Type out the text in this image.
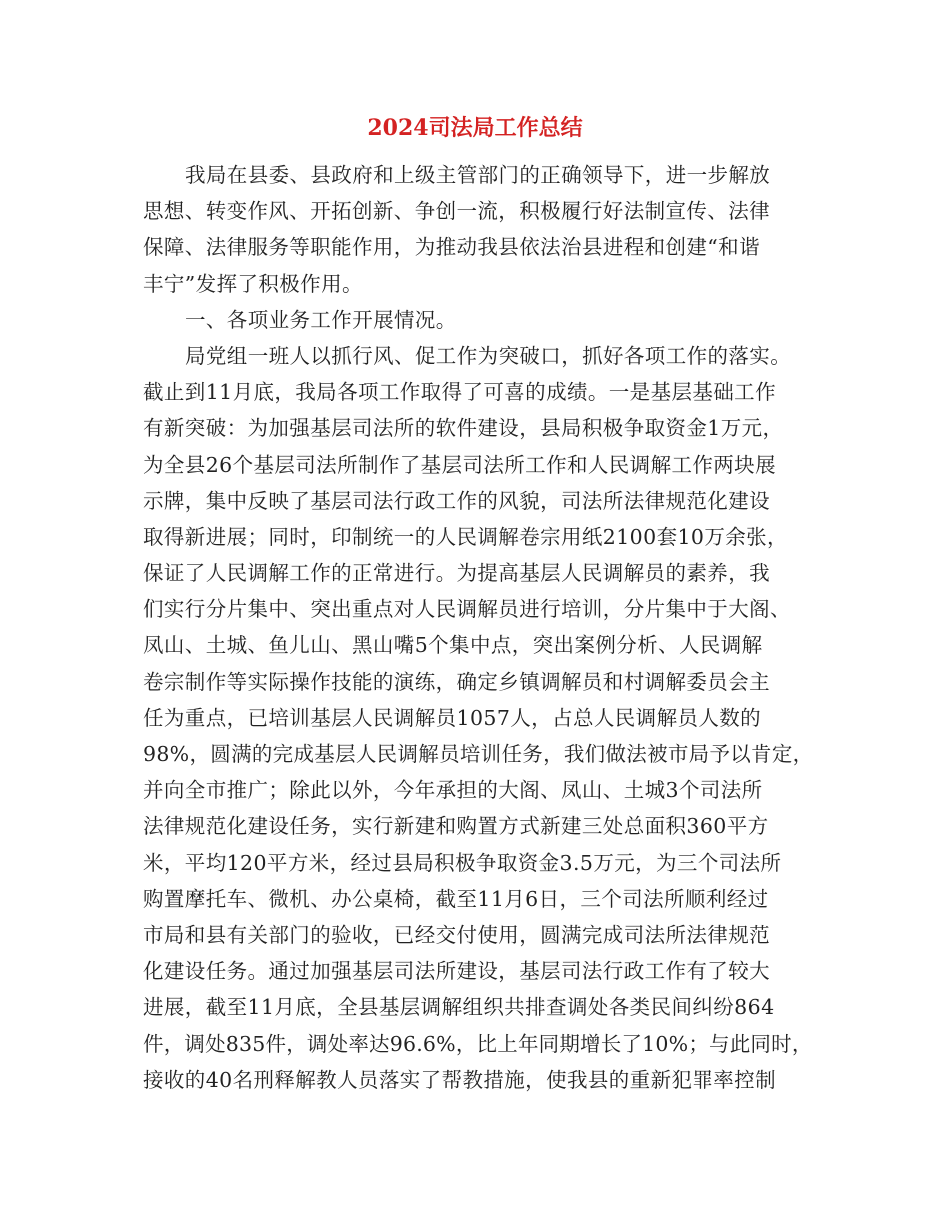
2024司法局工作总结
我局在县委、县政府和上级主管部门的正确领导下，进一步解放
思想、转变作风、开拓创新、争创一流，积极履行好法制宣传、法律
保障、法律服务等职能作用，为推动我县依法治县进程和创建“和谐
丰宁”发挥了积极作用。
一、各项业务工作开展情况。
局党组一班人以抓行风、促工作为突破口，抓好各项工作的落实。
截止到11月底，我局各项工作取得了可喜的成绩。一是基层基础工作
有新突破：为加强基层司法所的软件建设，县局积极争取资金1万元，
为全县26个基层司法所制作了基层司法所工作和人民调解工作两块展
示牌，集中反映了基层司法行政工作的风貌，司法所法律规范化建设
取得新进展；同时，印制统一的人民调解卷宗用纸2100套10万余张，
保证了人民调解工作的正常进行。为提高基层人民调解员的素养，我
们实行分片集中、突出重点对人民调解员进行培训，分片集中于大阁、
凤山、土城、鱼儿山、黑山嘴5个集中点，突出案例分析、人民调解
卷宗制作等实际操作技能的演练，确定乡镇调解员和村调解委员会主
任为重点，已培训基层人民调解员1057人，占总人民调解员人数的
98%，圆满的完成基层人民调解员培训任务，我们做法被市局予以肯定，
并向全市推广；除此以外，今年承担的大阁、凤山、土城3个司法所
法律规范化建设任务，实行新建和购置方式新建三处总面积360平方
米，平均120平方米，经过县局积极争取资金3.5万元，为三个司法所
购置摩托车、微机、办公桌椅，截至11月6日，三个司法所顺利经过
市局和县有关部门的验收，已经交付使用，圆满完成司法所法律规范
化建设任务。通过加强基层司法所建设，基层司法行政工作有了较大
进展，截至11月底，全县基层调解组织共排查调处各类民间纠纷864
件，调处835件，调处率达96.6%，比上年同期增长了10%；与此同时，
接收的40名刑释解教人员落实了帮教措施，使我县的重新犯罪率控制
